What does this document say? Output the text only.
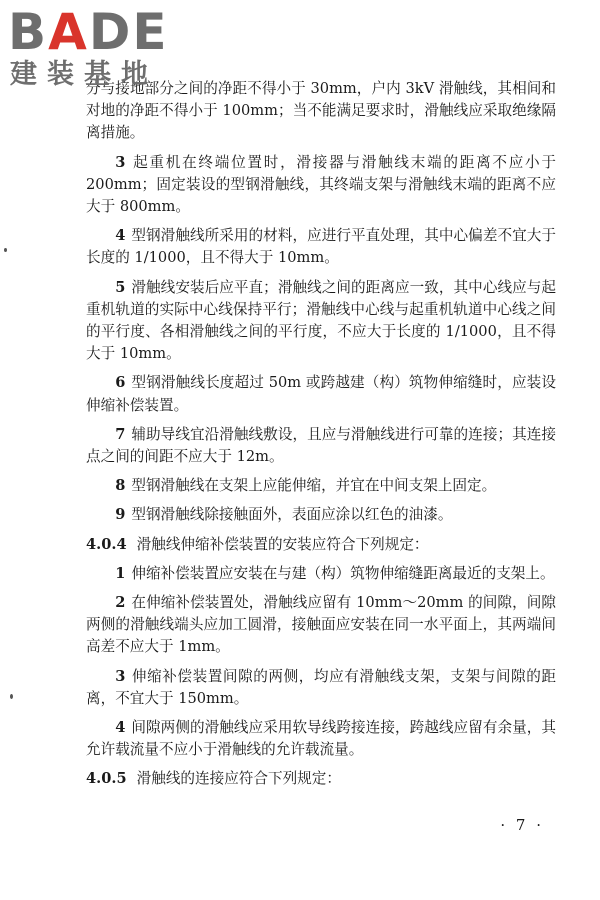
BADE
建装基地

分与接地部分之间的净距不得小于 30mm，户内 3kV 滑触线，其相间和对地的净距不得小于 100mm；当不能满足要求时，滑触线应采取绝缘隔离措施。

3 起重机在终端位置时，滑接器与滑触线末端的距离不应小于 200mm；固定装设的型钢滑触线，其终端支架与滑触线末端的距离不应大于 800mm。

4 型钢滑触线所采用的材料，应进行平直处理，其中心偏差不宜大于长度的 1/1000，且不得大于 10mm。

5 滑触线安装后应平直；滑触线之间的距离应一致，其中心线应与起重机轨道的实际中心线保持平行；滑触线中心线与起重机轨道中心线之间的平行度、各相滑触线之间的平行度，不应大于长度的 1/1000，且不得大于 10mm。

6 型钢滑触线长度超过 50m 或跨越建（构）筑物伸缩缝时，应装设伸缩补偿装置。

7 辅助导线宜沿滑触线敷设，且应与滑触线进行可靠的连接；其连接点之间的间距不应大于 12m。

8 型钢滑触线在支架上应能伸缩，并宜在中间支架上固定。

9 型钢滑触线除接触面外，表面应涂以红色的油漆。

4.0.4 滑触线伸缩补偿装置的安装应符合下列规定：

1 伸缩补偿装置应安装在与建（构）筑物伸缩缝距离最近的支架上。

2 在伸缩补偿装置处，滑触线应留有 10mm～20mm 的间隙，间隙两侧的滑触线端头应加工圆滑，接触面应安装在同一水平面上，其两端间高差不应大于 1mm。

3 伸缩补偿装置间隙的两侧，均应有滑触线支架，支架与间隙的距离，不宜大于 150mm。

4 间隙两侧的滑触线应采用软导线跨接连接，跨越线应留有余量，其允许载流量不应小于滑触线的允许载流量。

4.0.5 滑触线的连接应符合下列规定：

· 7 ·
